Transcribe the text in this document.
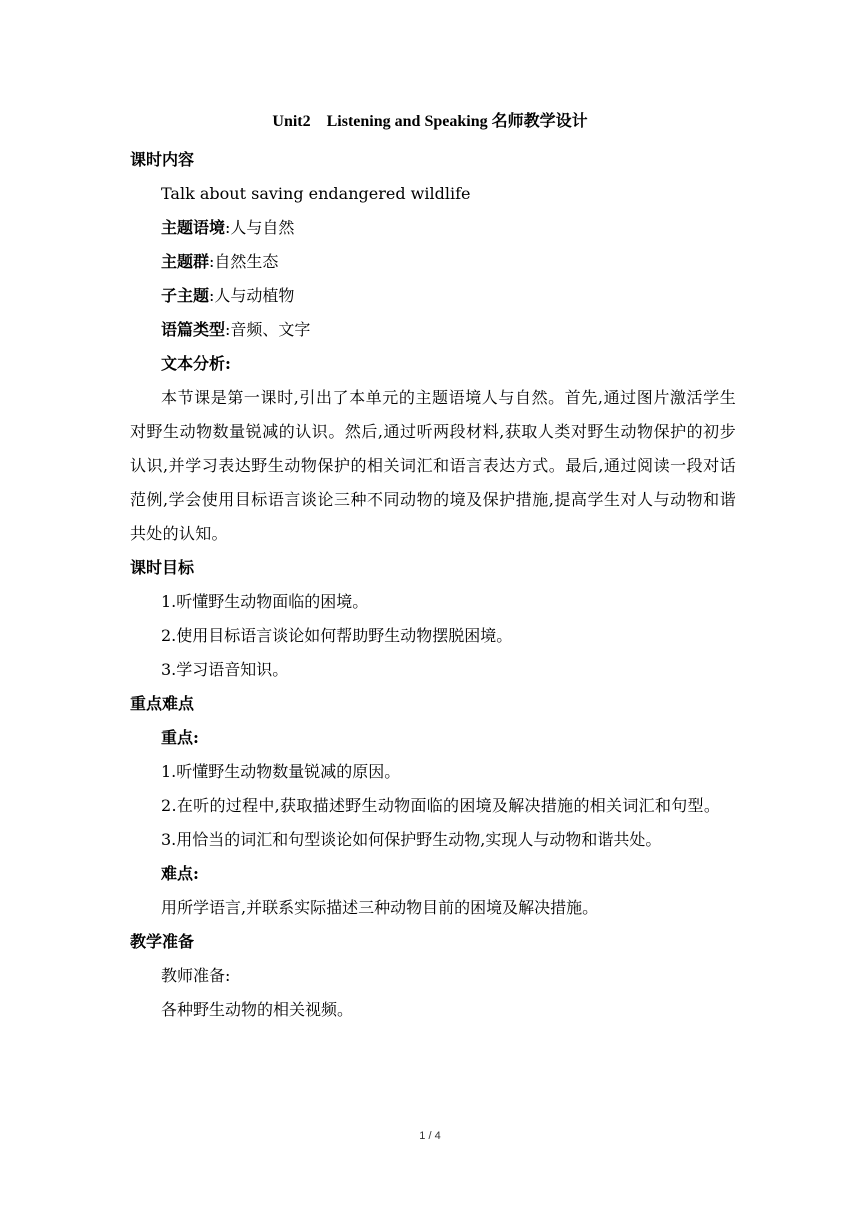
Unit2　Listening and Speaking 名师教学设计

课时内容

Talk about saving endangered wildlife

主题语境:人与自然

主题群:自然生态

子主题:人与动植物

语篇类型:音频、文字

文本分析:

本节课是第一课时,引出了本单元的主题语境人与自然。首先,通过图片激活学生对野生动物数量锐减的认识。然后,通过听两段材料,获取人类对野生动物保护的初步认识,并学习表达野生动物保护的相关词汇和语言表达方式。最后,通过阅读一段对话范例,学会使用目标语言谈论三种不同动物的境及保护措施,提高学生对人与动物和谐共处的认知。

课时目标

1.听懂野生动物面临的困境。

2.使用目标语言谈论如何帮助野生动物摆脱困境。

3.学习语音知识。

重点难点

重点:

1.听懂野生动物数量锐减的原因。

2.在听的过程中,获取描述野生动物面临的困境及解决措施的相关词汇和句型。

3.用恰当的词汇和句型谈论如何保护野生动物,实现人与动物和谐共处。

难点:

用所学语言,并联系实际描述三种动物目前的困境及解决措施。

教学准备

教师准备:

各种野生动物的相关视频。

1 / 4
